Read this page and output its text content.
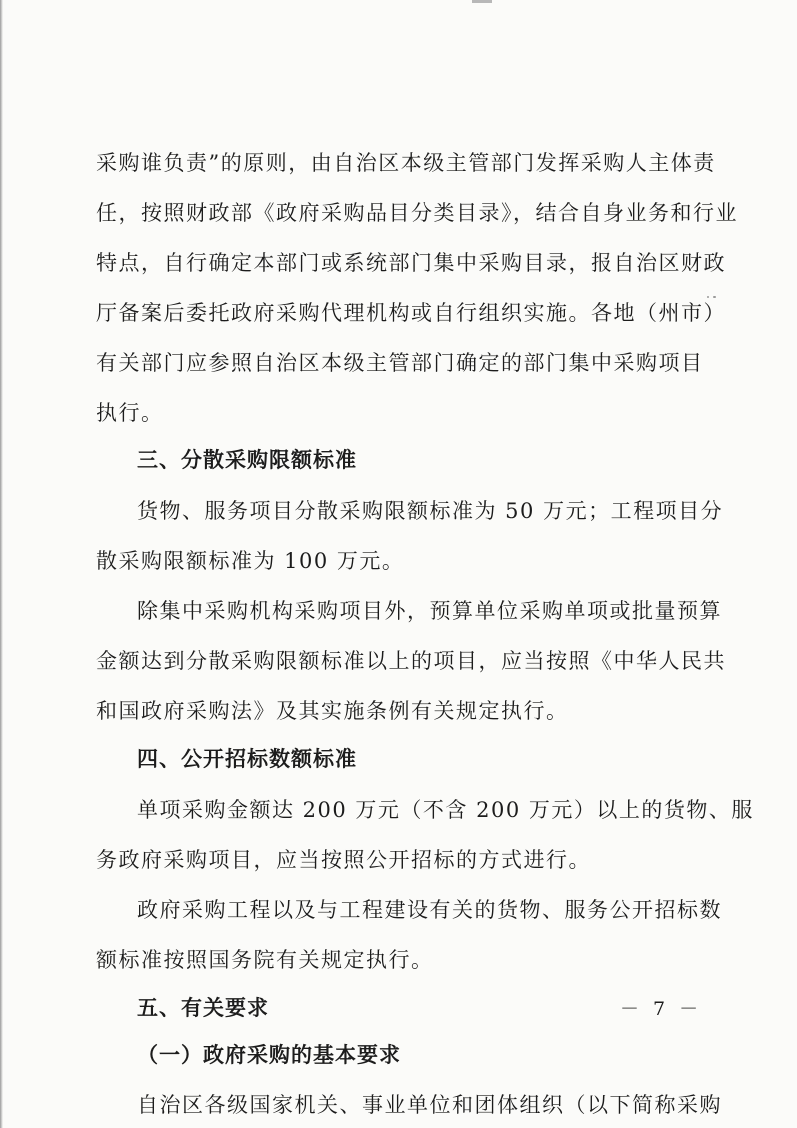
采购谁负责”的原则，由自治区本级主管部门发挥采购人主体责
任，按照财政部《政府采购品目分类目录》，结合自身业务和行业
特点，自行确定本部门或系统部门集中采购目录，报自治区财政
厅备案后委托政府采购代理机构或自行组织实施。各地（州市）
有关部门应参照自治区本级主管部门确定的部门集中采购项目
执行。
三、分散采购限额标准
货物、服务项目分散采购限额标准为 50 万元；工程项目分
散采购限额标准为 100 万元。
除集中采购机构采购项目外，预算单位采购单项或批量预算
金额达到分散采购限额标准以上的项目，应当按照《中华人民共
和国政府采购法》及其实施条例有关规定执行。
四、公开招标数额标准
单项采购金额达 200 万元（不含 200 万元）以上的货物、服
务政府采购项目，应当按照公开招标的方式进行。
政府采购工程以及与工程建设有关的货物、服务公开招标数
额标准按照国务院有关规定执行。
五、有关要求
（一）政府采购的基本要求
自治区各级国家机关、事业单位和团体组织（以下简称采购
－ 7 －
